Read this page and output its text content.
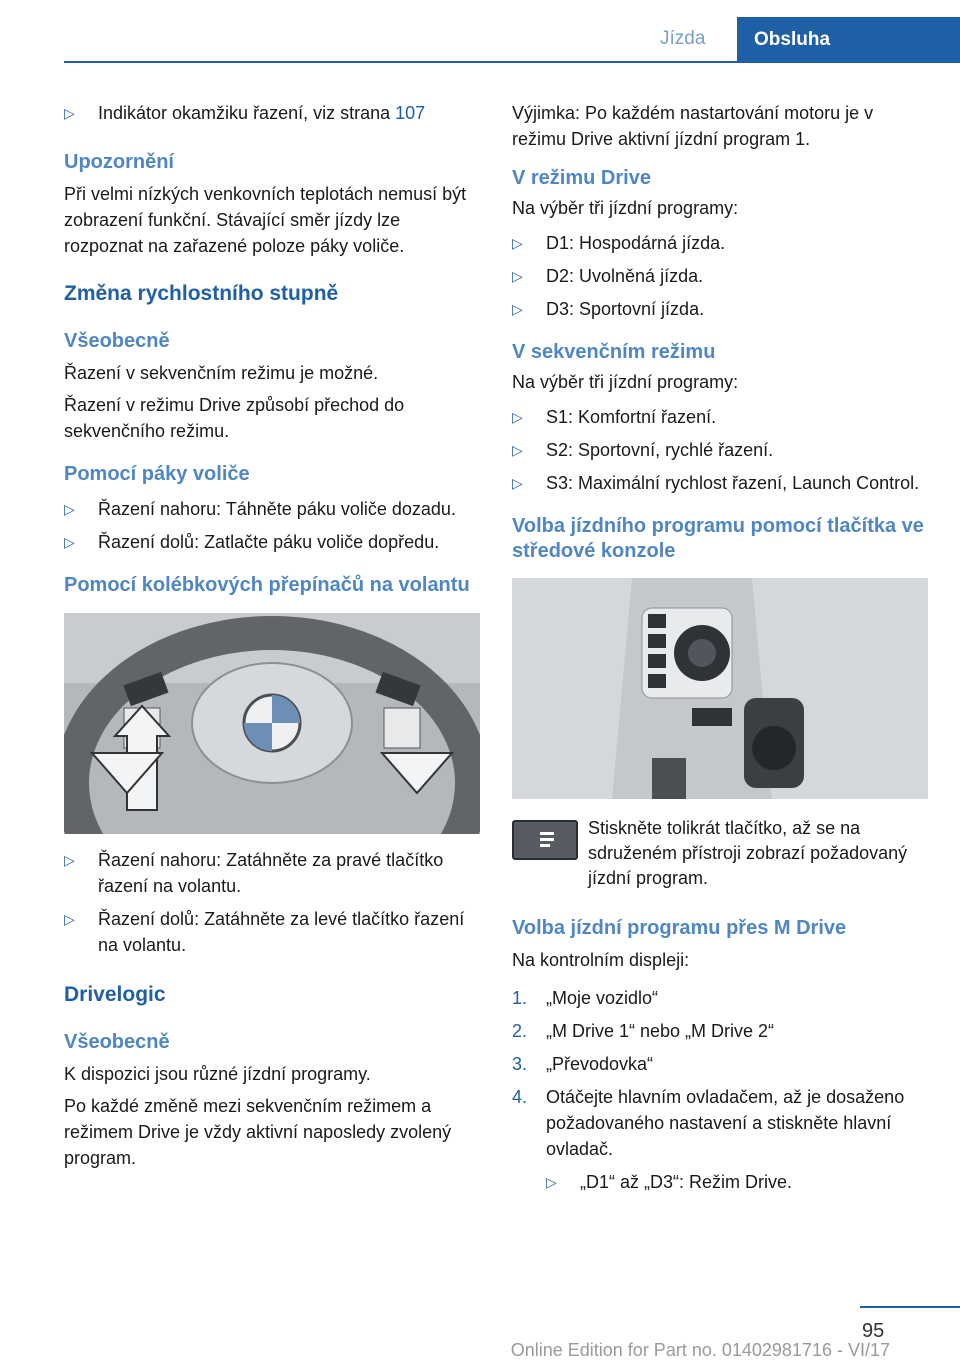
Jízda	Obsluha
▷ Indikátor okamžiku řazení, viz strana 107
Upozornění

Při velmi nízkých venkovních teplotách nemusí být zobrazení funkční. Stávající směr jízdy lze rozpoznat na zařazené poloze páky voliče.

Změna rychlostního stupně
Všeobecně

Řazení v sekvenčním režimu je možné.

Řazení v režimu Drive způsobí přechod do sekvenčního režimu.

Pomocí páky voliče
▷ Řazení nahoru: Táhněte páku voliče dozadu.
▷ Řazení dolů: Zatlačte páku voliče dopředu.
Pomocí kolébkových přepínačů na volantu
▷ Řazení nahoru: Zatáhněte za pravé tlačítko řazení na volantu.
▷ Řazení dolů: Zatáhněte za levé tlačítko řazení na volantu.
Drivelogic
Všeobecně

K dispozici jsou různé jízdní programy.

Po každé změně mezi sekvenčním režimem a režimem Drive je vždy aktivní naposledy zvolený program.

Výjimka: Po každém nastartování motoru je v režimu Drive aktivní jízdní program 1.

V režimu Drive

Na výběr tři jízdní programy:

▷ D1: Hospodárná jízda.
▷ D2: Uvolněná jízda.
▷ D3: Sportovní jízda.
V sekvenčním režimu

Na výběr tři jízdní programy:

▷ S1: Komfortní řazení.
▷ S2: Sportovní, rychlé řazení.
▷ S3: Maximální rychlost řazení, Launch Control.
Volba jízdního programu pomocí tlačítka ve středové konzole

Stiskněte tolikrát tlačítko, až se na sdruženém přístroji zobrazí požadovaný jízdní program.

Volba jízdní programu přes M Drive

Na kontrolním displeji:

1. „Moje vozidlo“
2. „M Drive 1“ nebo „M Drive 2“
3. „Převodovka“
4. Otáčejte hlavním ovladačem, až je dosaženo požadovaného nastavení a stiskněte hlavní ovladač.
▷ „D1“ až „D3“: Režim Drive.
95
Online Edition for Part no. 01402981716 - VI/17
